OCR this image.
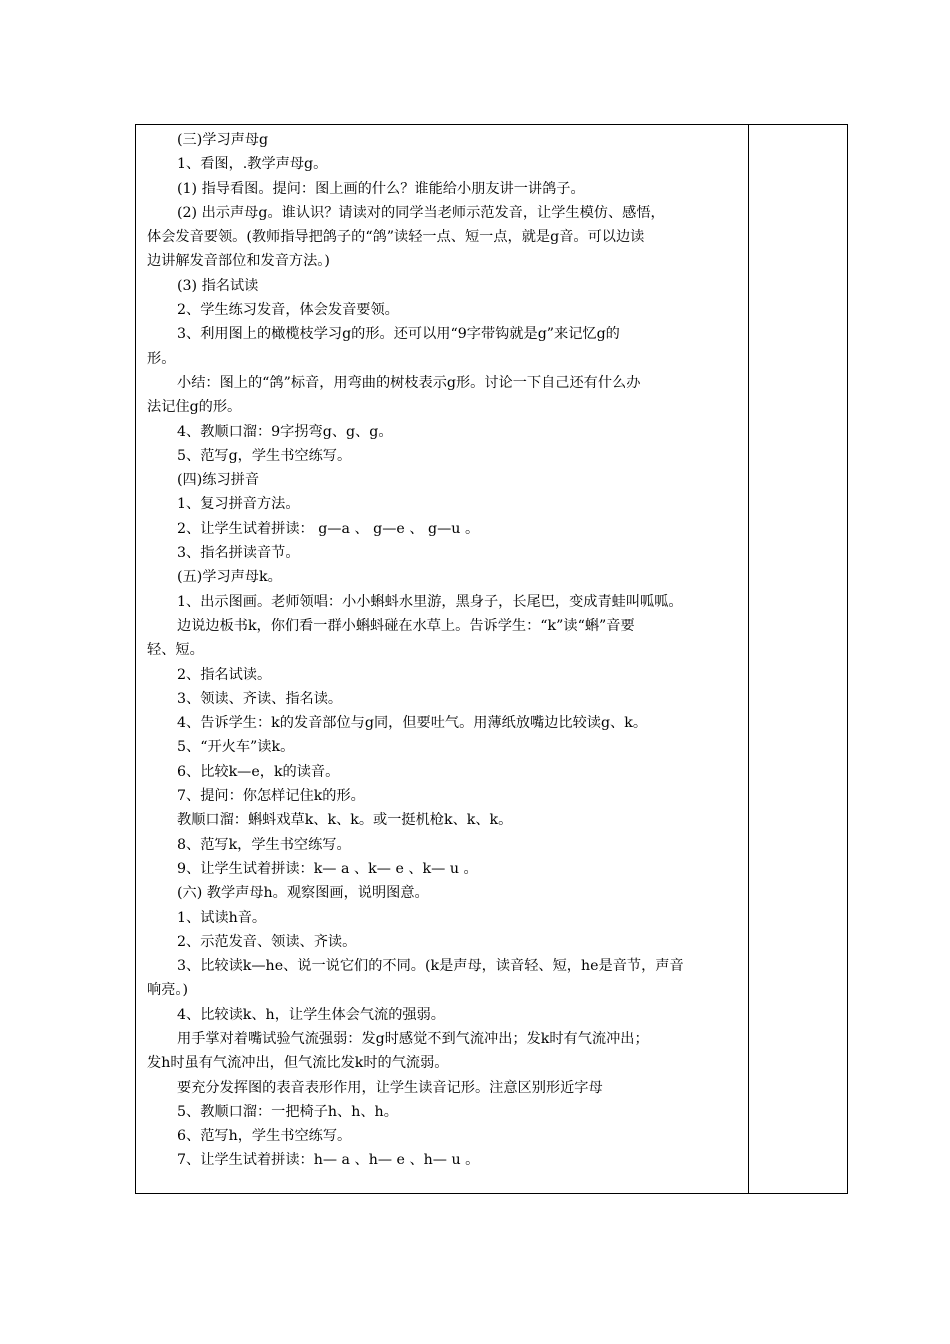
(三)学习声母g

1、看图，.教学声母g。

(1) 指导看图。提问：图上画的什么？谁能给小朋友讲一讲鸽子。

(2) 出示声母g。谁认识？请读对的同学当老师示范发音，让学生模仿、感悟，

体会发音要领。(教师指导把鸽子的“鸽”读轻一点、短一点，就是g音。可以边读

边讲解发音部位和发音方法。)

(3) 指名试读

2、学生练习发音，体会发音要领。

3、利用图上的橄榄枝学习g的形。还可以用“9字带钩就是g”来记忆g的

形。

小结：图上的“鸽”标音，用弯曲的树枝表示g形。讨论一下自己还有什么办

法记住g的形。

4、教顺口溜：9字拐弯g、g、g。

5、范写g，学生书空练写。

(四)练习拼音

1、复习拼音方法。

2、让学生试着拼读： g—a 、 g—e 、 g—u 。

3、指名拼读音节。

(五)学习声母k。

1、出示图画。老师领唱：小小蝌蚪水里游，黑身子，长尾巴，变成青蛙叫呱呱。

边说边板书k，你们看一群小蝌蚪碰在水草上。告诉学生：“k”读“蝌”音要

轻、短。

2、指名试读。

3、领读、齐读、指名读。

4、告诉学生：k的发音部位与g同，但要吐气。用薄纸放嘴边比较读g、k。

5、“开火车”读k。

6、比较k—e，k的读音。

7、提问：你怎样记住k的形。

教顺口溜：蝌蚪戏草k、k、k。或一挺机枪k、k、k。

8、范写k，学生书空练写。

9、让学生试着拼读：k— a 、k— e 、k— u 。

(六) 教学声母h。观察图画，说明图意。

1、试读h音。

2、示范发音、领读、齐读。

3、比较读k—he、说一说它们的不同。(k是声母，读音轻、短，he是音节，声音

响亮。)

4、比较读k、h，让学生体会气流的强弱。

用手掌对着嘴试验气流强弱：发g时感觉不到气流冲出；发k时有气流冲出；

发h时虽有气流冲出，但气流比发k时的气流弱。

要充分发挥图的表音表形作用，让学生读音记形。注意区别形近字母

5、教顺口溜：一把椅子h、h、h。

6、范写h，学生书空练写。

7、让学生试着拼读：h— a 、h— e 、h— u 。
